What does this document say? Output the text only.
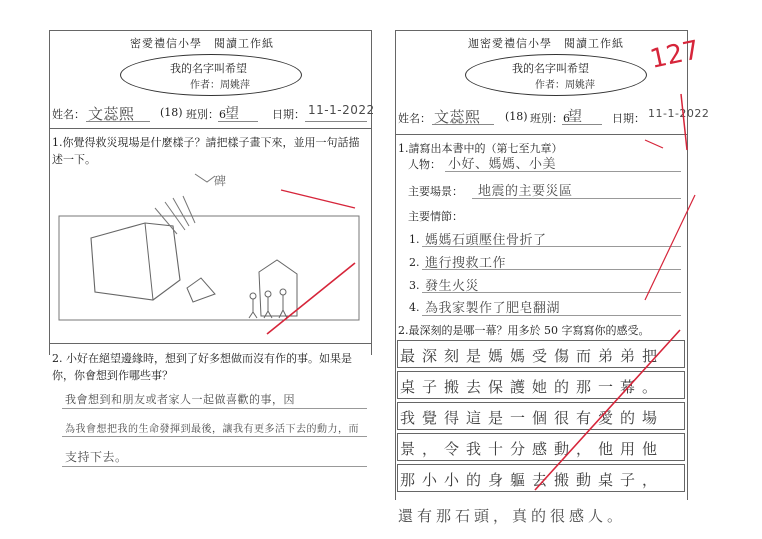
密愛禮信小學　閱讀工作紙
我的名字叫希望
作者：周姚萍
姓名： 文蕊熙 (18) 班別：6 望	日期： 11-1-2022
1.你覺得救災現場是什麼樣子？請把樣子畫下來，並用一句話描述一下。
碑
2. 小好在絕望邊緣時，想到了好多想做而沒有作的事。如果是你，你會想到作哪些事？
我會想到和朋友或者家人一起做喜歡的事，因
為我會想把我的生命發揮到最後，讓我有更多活下去的動力，而
支持下去。
迦密愛禮信小學　閱讀工作紙
我的名字叫希望
作者：周姚萍
姓名： 文蕊熙 (18) 班別：6
望	日期： 11-1-2022
1.請寫出本書中的（第七至九章）
人物： 小好、媽媽、小美
主要場景： 地震的主要災區
主要情節：
1. 媽媽石頭壓住骨折了
2. 進行搜救工作
3. 發生火災
4. 為我家製作了肥皂翻湖
2.最深刻的是哪一幕？用多於 50 字寫寫你的感受。
最深刻是媽媽受傷而弟弟把
桌子搬去保護她的那一幕。
我覺得這是一個很有愛的場
景，令我十分感動，他用他
那小小的身軀去搬動桌子，
還有那石頭，真的很感人。
127
